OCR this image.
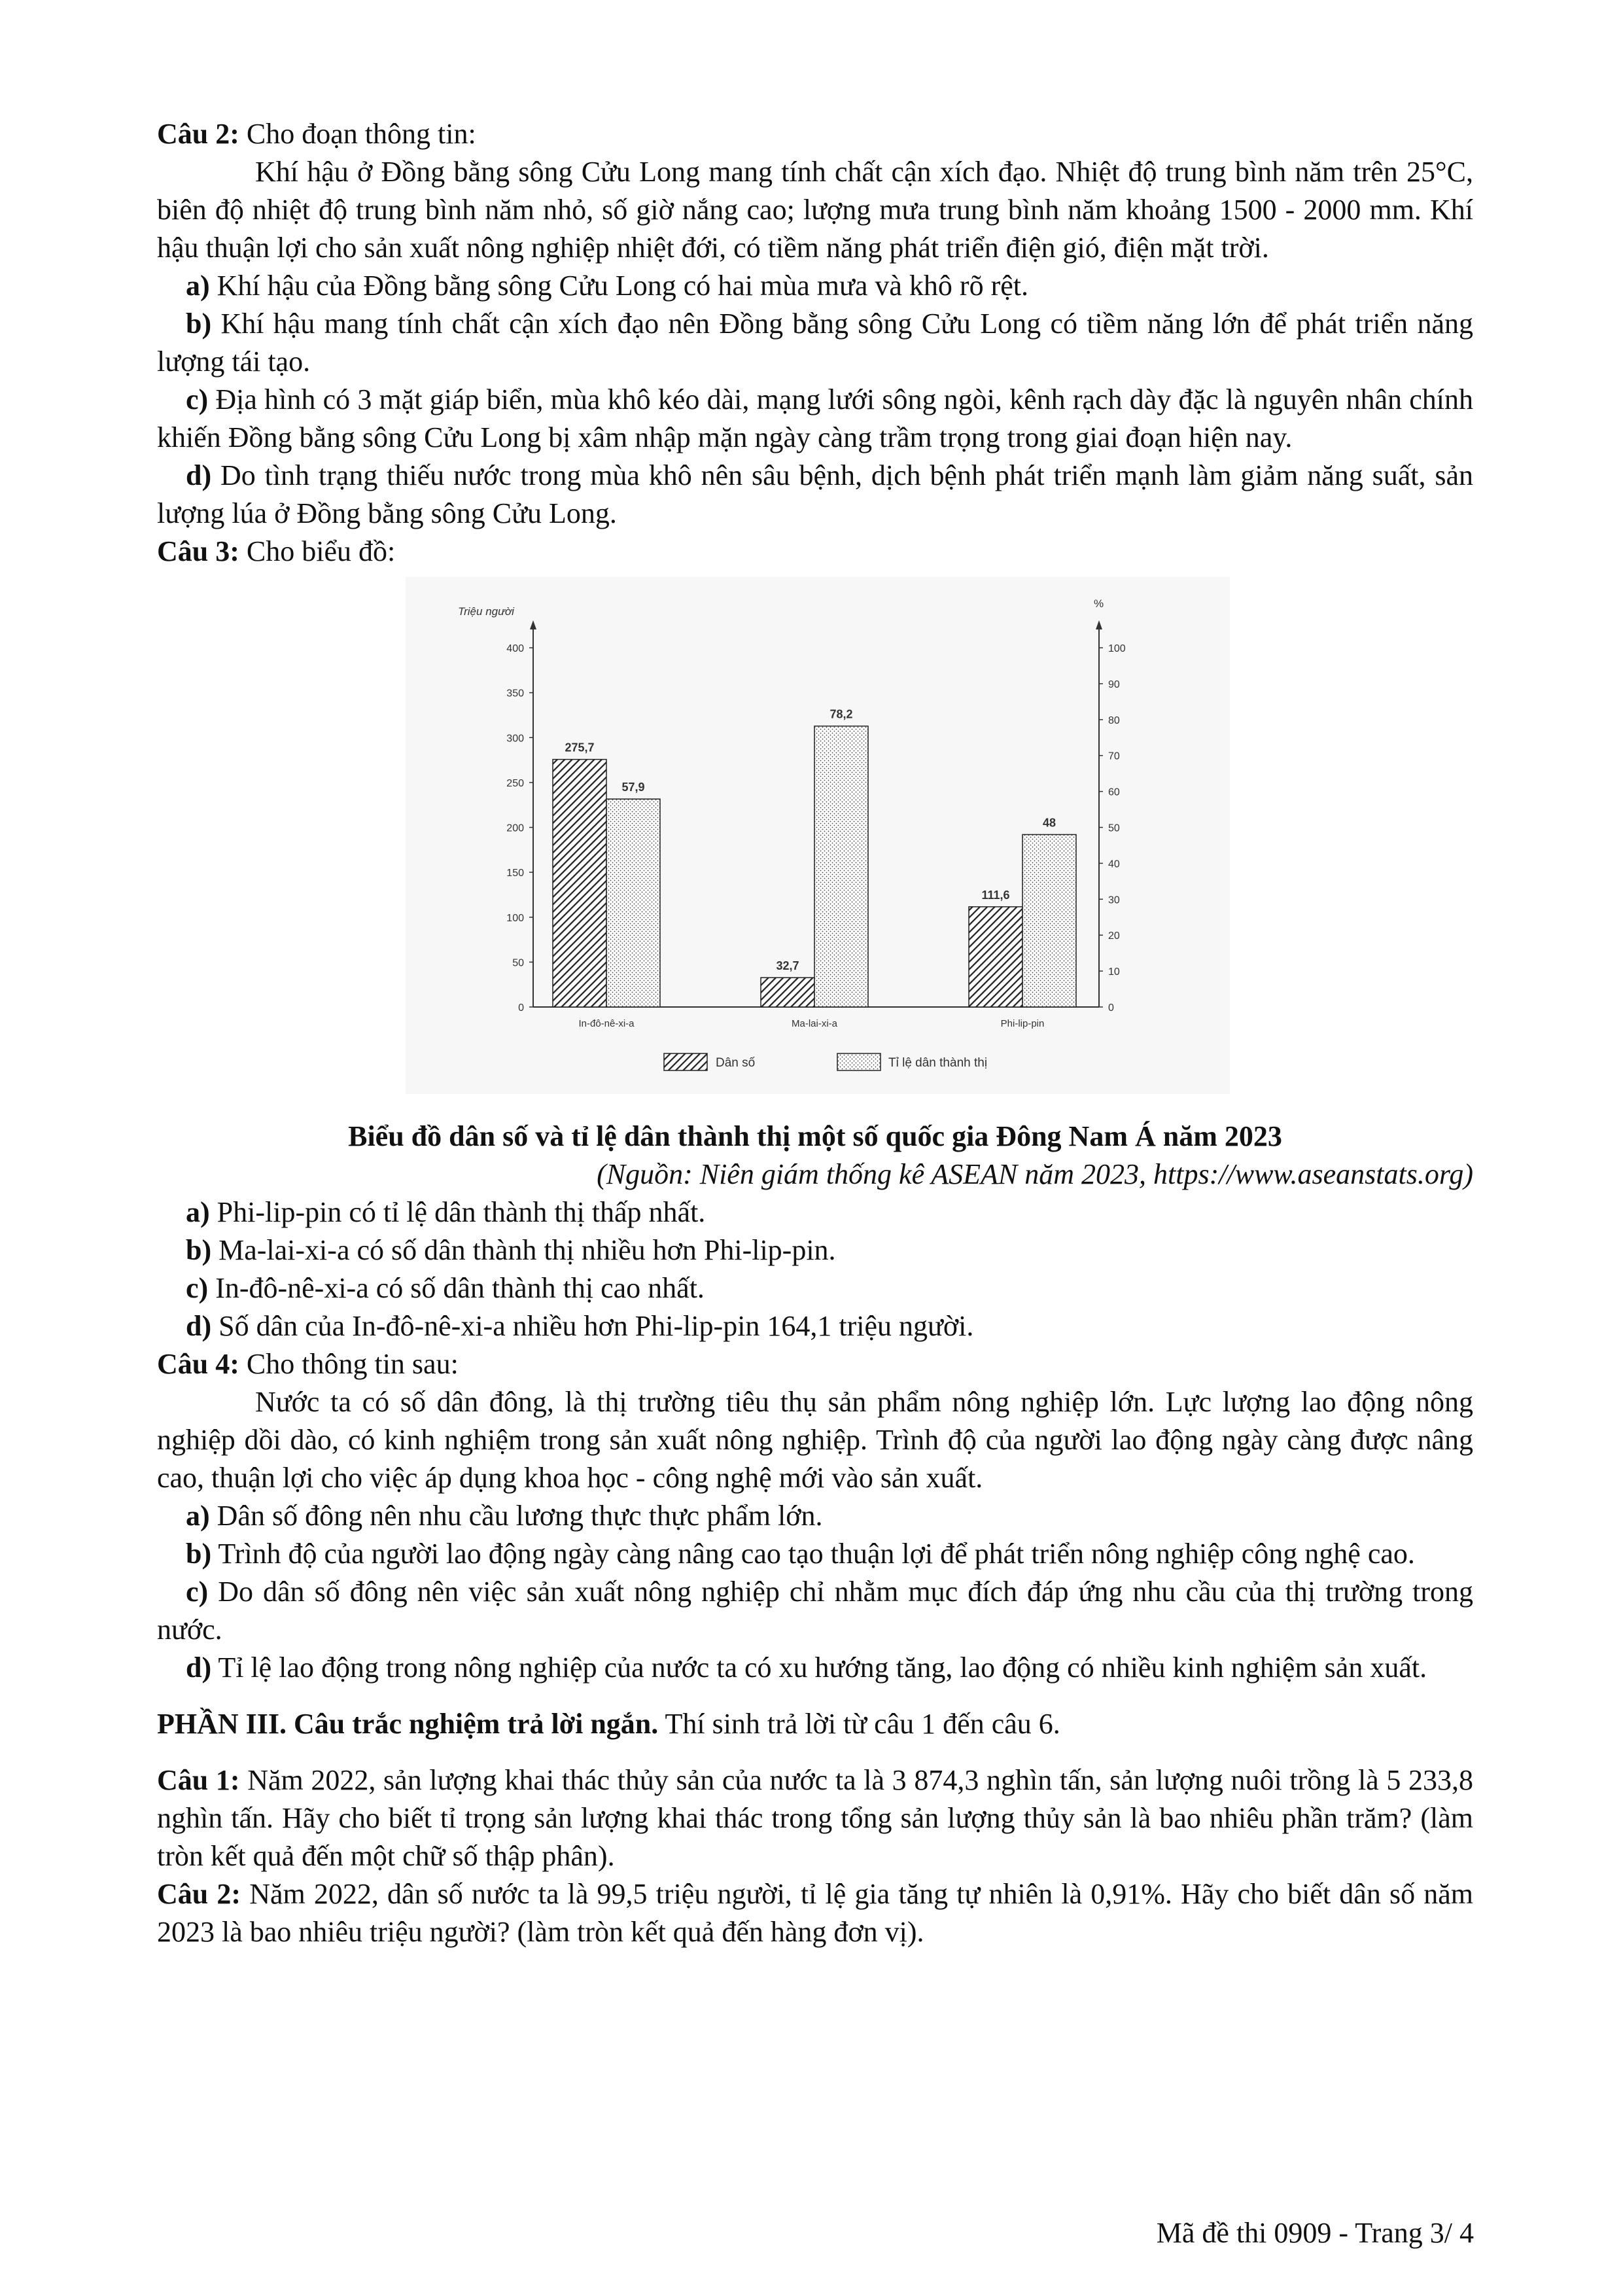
Câu 2: Cho đoạn thông tin:

Khí hậu ở Đồng bằng sông Cửu Long mang tính chất cận xích đạo. Nhiệt độ trung bình năm trên 25°C, biên độ nhiệt độ trung bình năm nhỏ, số giờ nắng cao; lượng mưa trung bình năm khoảng 1500 - 2000 mm. Khí hậu thuận lợi cho sản xuất nông nghiệp nhiệt đới, có tiềm năng phát triển điện gió, điện mặt trời.

a) Khí hậu của Đồng bằng sông Cửu Long có hai mùa mưa và khô rõ rệt.

b) Khí hậu mang tính chất cận xích đạo nên Đồng bằng sông Cửu Long có tiềm năng lớn để phát triển năng lượng tái tạo.

c) Địa hình có 3 mặt giáp biển, mùa khô kéo dài, mạng lưới sông ngòi, kênh rạch dày đặc là nguyên nhân chính khiến Đồng bằng sông Cửu Long bị xâm nhập mặn ngày càng trầm trọng trong giai đoạn hiện nay.

d) Do tình trạng thiếu nước trong mùa khô nên sâu bệnh, dịch bệnh phát triển mạnh làm giảm năng suất, sản lượng lúa ở Đồng bằng sông Cửu Long.

Câu 3: Cho biểu đồ:

Triệu người
%
0
50
100
150
200
250
300
350
400
0
10
20
30
40
50
60
70
80
90
100
275,7
57,9
In-đô-nê-xi-a
32,7
78,2
Ma-lai-xi-a
111,6
48
Phi-lip-pin
Dân số	Tỉ lệ dân thành thị

Biểu đồ dân số và tỉ lệ dân thành thị một số quốc gia Đông Nam Á năm 2023

(Nguồn: Niên giám thống kê ASEAN năm 2023, https://www.aseanstats.org)

a) Phi-lip-pin có tỉ lệ dân thành thị thấp nhất.

b) Ma-lai-xi-a có số dân thành thị nhiều hơn Phi-lip-pin.

c) In-đô-nê-xi-a có số dân thành thị cao nhất.

d) Số dân của In-đô-nê-xi-a nhiều hơn Phi-lip-pin 164,1 triệu người.

Câu 4: Cho thông tin sau:

Nước ta có số dân đông, là thị trường tiêu thụ sản phẩm nông nghiệp lớn. Lực lượng lao động nông nghiệp dồi dào, có kinh nghiệm trong sản xuất nông nghiệp. Trình độ của người lao động ngày càng được nâng cao, thuận lợi cho việc áp dụng khoa học - công nghệ mới vào sản xuất.

a) Dân số đông nên nhu cầu lương thực thực phẩm lớn.

b) Trình độ của người lao động ngày càng nâng cao tạo thuận lợi để phát triển nông nghiệp công nghệ cao.

c) Do dân số đông nên việc sản xuất nông nghiệp chỉ nhằm mục đích đáp ứng nhu cầu của thị trường trong nước.

d) Tỉ lệ lao động trong nông nghiệp của nước ta có xu hướng tăng, lao động có nhiều kinh nghiệm sản xuất.

PHẦN III. Câu trắc nghiệm trả lời ngắn. Thí sinh trả lời từ câu 1 đến câu 6.

Câu 1: Năm 2022, sản lượng khai thác thủy sản của nước ta là 3 874,3 nghìn tấn, sản lượng nuôi trồng là 5 233,8 nghìn tấn. Hãy cho biết tỉ trọng sản lượng khai thác trong tổng sản lượng thủy sản là bao nhiêu phần trăm? (làm tròn kết quả đến một chữ số thập phân).

Câu 2: Năm 2022, dân số nước ta là 99,5 triệu người, tỉ lệ gia tăng tự nhiên là 0,91%. Hãy cho biết dân số năm 2023 là bao nhiêu triệu người? (làm tròn kết quả đến hàng đơn vị).

Mã đề thi 0909 - Trang 3/ 4
